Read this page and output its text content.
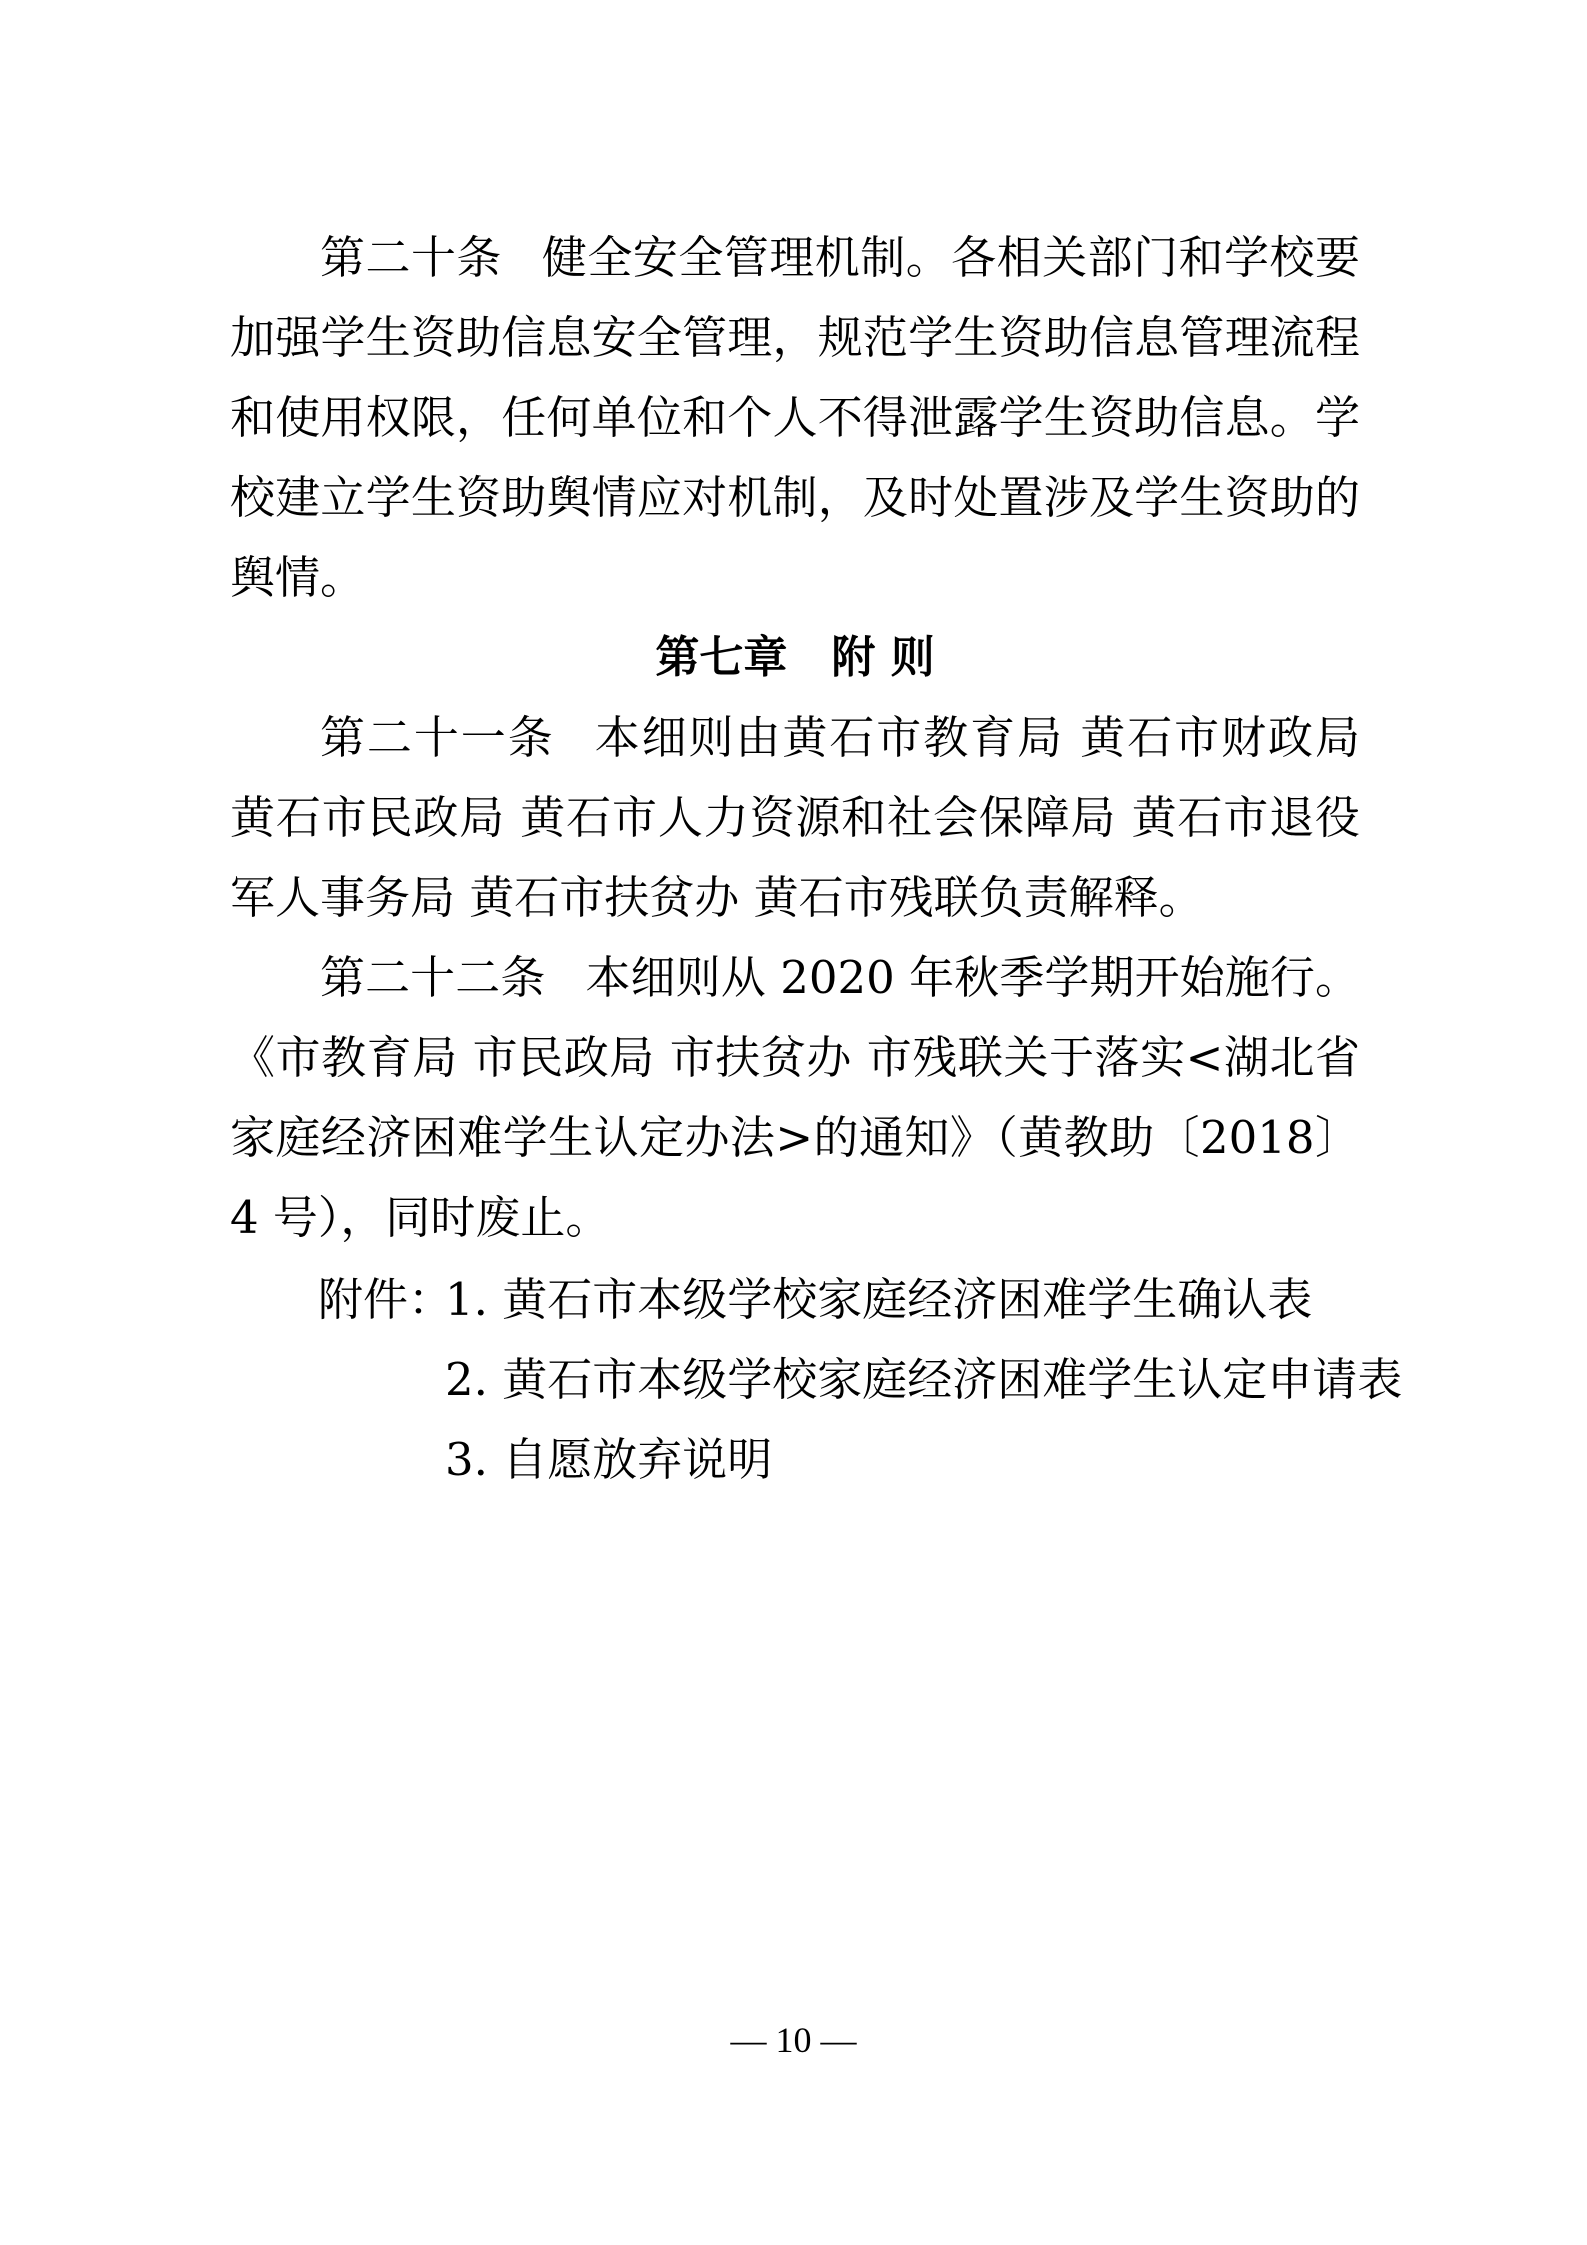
第二十条 健全安全管理机制。各相关部门和学校要加强学生资助信息安全管理，规范学生资助信息管理流程和使用权限，任何单位和个人不得泄露学生资助信息。学校建立学生资助舆情应对机制，及时处置涉及学生资助的舆情。

第七章 附 则

第二十一条 本细则由黄石市教育局 黄石市财政局 黄石市民政局 黄石市人力资源和社会保障局 黄石市退役军人事务局 黄石市扶贫办 黄石市残联负责解释。

第二十二条 本细则从 2020 年秋季学期开始施行。《市教育局 市民政局 市扶贫办 市残联关于落实<湖北省家庭经济困难学生认定办法>的通知》（黄教助〔2018〕4 号），同时废止。

附件：
1. 黄石市本级学校家庭经济困难学生确认表
2. 黄石市本级学校家庭经济困难学生认定申请表
3. 自愿放弃说明
— 10 —
